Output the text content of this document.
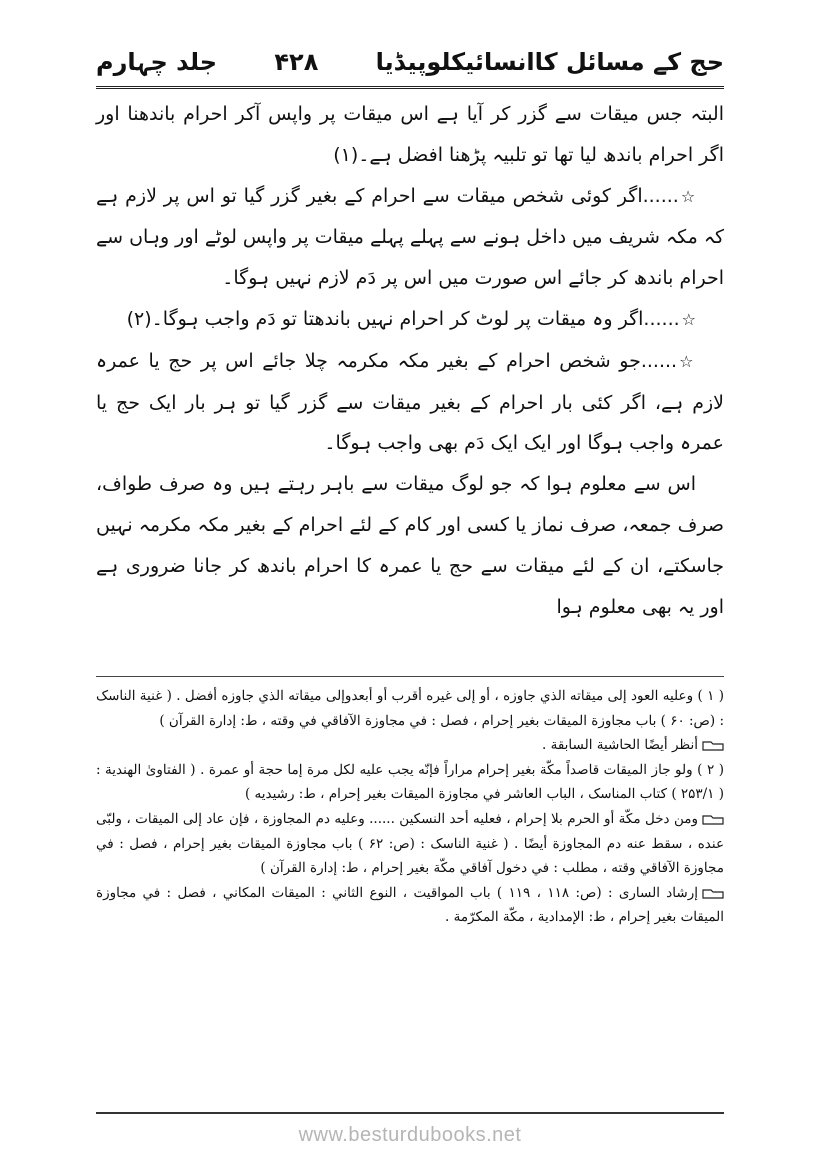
حج کے مسائل کاانسائیکلوپیڈیا
۴۲۸
جلد چہارم

البتہ جس میقات سے گزر کر آیا ہے اس میقات پر واپس آکر احرام باندھنا اور اگر احرام باندھ لیا تھا تو تلبیہ پڑھنا افضل ہے۔(۱)

☆......اگر کوئی شخص میقات سے احرام کے بغیر گزر گیا تو اس پر لازم ہے کہ مکہ شریف میں داخل ہونے سے پہلے پہلے میقات پر واپس لوٹے اور وہاں سے احرام باندھ کر جائے اس صورت میں اس پر دَم لازم نہیں ہوگا۔

☆......اگر وہ میقات پر لوٹ کر احرام نہیں باندھتا تو دَم واجب ہوگا۔(۲)

☆......جو شخص احرام کے بغیر مکہ مکرمہ چلا جائے اس پر حج یا عمرہ لازم ہے، اگر کئی بار احرام کے بغیر میقات سے گزر گیا تو ہر بار ایک حج یا عمرہ واجب ہوگا اور ایک ایک دَم بھی واجب ہوگا۔

اس سے معلوم ہوا کہ جو لوگ میقات سے باہر رہتے ہیں وہ صرف طواف، صرف جمعہ، صرف نماز یا کسی اور کام کے لئے احرام کے بغیر مکہ مکرمہ نہیں جاسکتے، ان کے لئے میقات سے حج یا عمرہ کا احرام باندھ کر جانا ضروری ہے اور یہ بھی معلوم ہوا

( ۱ ) وعليه العود إلى ميقاته الذي جاوزه ، أو إلى غيره أقرب أو أبعدوإلى ميقاته الذي جاوزه أفضل . ( غنية الناسک : (ص: ۶۰ ) باب مجاوزة الميقات بغير إحرام ، فصل : في مجاوزة الآفاقي في وقته ، ط: إدارة القرآن )

أنظر أيضًا الحاشية السابقة .

( ۲ ) ولو جاز الميقات قاصداً مكّة بغير إحرام مراراً فإنّه يجب عليه لكل مرة إما حجة أو عمرة . ( الفتاوىٰ الهندية : ( ۲۵۳/۱ ) كتاب المناسک ، الباب العاشر في مجاوزة الميقات بغير إحرام ، ط: رشيديه )

ومن دخل مكّة أو الحرم بلا إحرام ، فعليه أحد النسكين ...... وعليه دم المجاوزة ، فإن عاد إلى الميقات ، ولبّى عنده ، سقط عنه دم المجاوزة أيضًا . ( غنية الناسک : (ص: ۶۲ ) باب مجاوزة الميقات بغير إحرام ، فصل : في مجاوزة الآفاقي وقته ، مطلب : في دخول آفاقي مكّة بغير إحرام ، ط: إدارة القرآن )

إرشاد السارى : (ص: ۱۱۸ ، ۱۱۹ ) باب المواقيت ، النوع الثاني : الميقات المكاني ، فصل : في مجاوزة الميقات بغير إحرام ، ط: الإمدادية ، مكّة المكرّمة .

www.besturdubooks.net
